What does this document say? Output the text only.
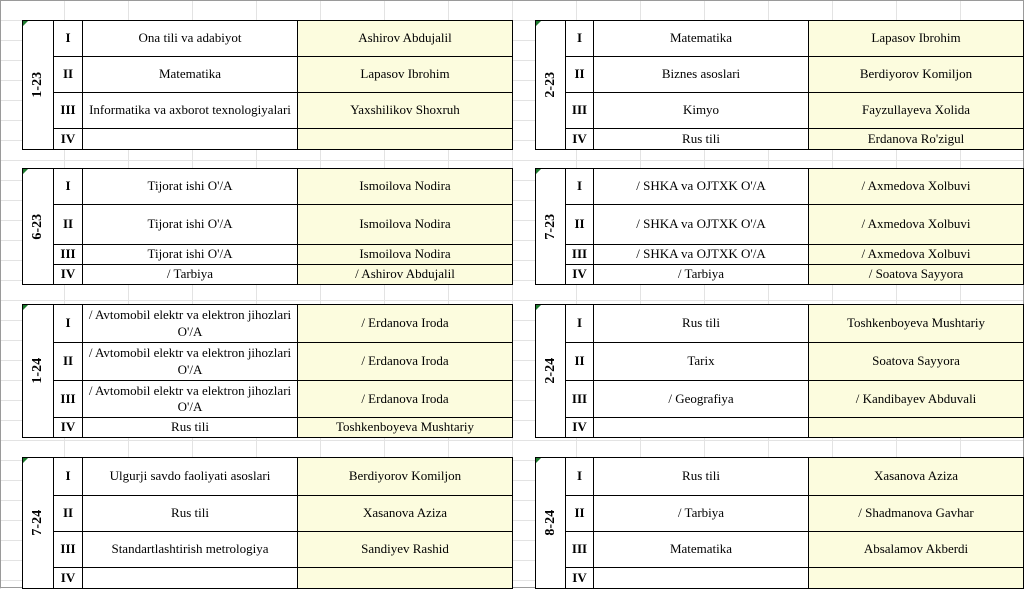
1-23	I	Ona tili va adabiyot	Ashirov Abdujalil
	II	Matematika	Lapasov Ibrohim
	III	Informatika va axborot texnologiyalari	Yaxshilikov Shoxruh
	IV		
2-23	I	Matematika	Lapasov Ibrohim
	II	Biznes asoslari	Berdiyorov Komiljon
	III	Kimyo	Fayzullayeva Xolida
	IV	Rus tili	Erdanova Ro'zigul
6-23	I	Tijorat ishi O'/A	Ismoilova Nodira
	II	Tijorat ishi O'/A	Ismoilova Nodira
	III	Tijorat ishi O'/A	Ismoilova Nodira
	IV	/ Tarbiya	/ Ashirov Abdujalil
7-23	I	/ SHKA va OJTXK O'/A	/ Axmedova Xolbuvi
	II	/ SHKA va OJTXK O'/A	/ Axmedova Xolbuvi
	III	/ SHKA va OJTXK O'/A	/ Axmedova Xolbuvi
	IV	/ Tarbiya	/ Soatova Sayyora
1-24	I	/ Avtomobil elektr va elektron jihozlari O'/A	/ Erdanova Iroda
	II	/ Avtomobil elektr va elektron jihozlari O'/A	/ Erdanova Iroda
	III	/ Avtomobil elektr va elektron jihozlari O'/A	/ Erdanova Iroda
	IV	Rus tili	Toshkenboyeva Mushtariy
2-24	I	Rus tili	Toshkenboyeva Mushtariy
	II	Tarix	Soatova Sayyora
	III	/ Geografiya	/ Kandibayev Abduvali
	IV		
7-24	I	Ulgurji savdo faoliyati asoslari	Berdiyorov Komiljon
	II	Rus tili	Xasanova Aziza
	III	Standartlashtirish metrologiya	Sandiyev Rashid
	IV		
8-24	I	Rus tili	Xasanova Aziza
	II	/ Tarbiya	/ Shadmanova Gavhar
	III	Matematika	Absalamov Akberdi
	IV		
